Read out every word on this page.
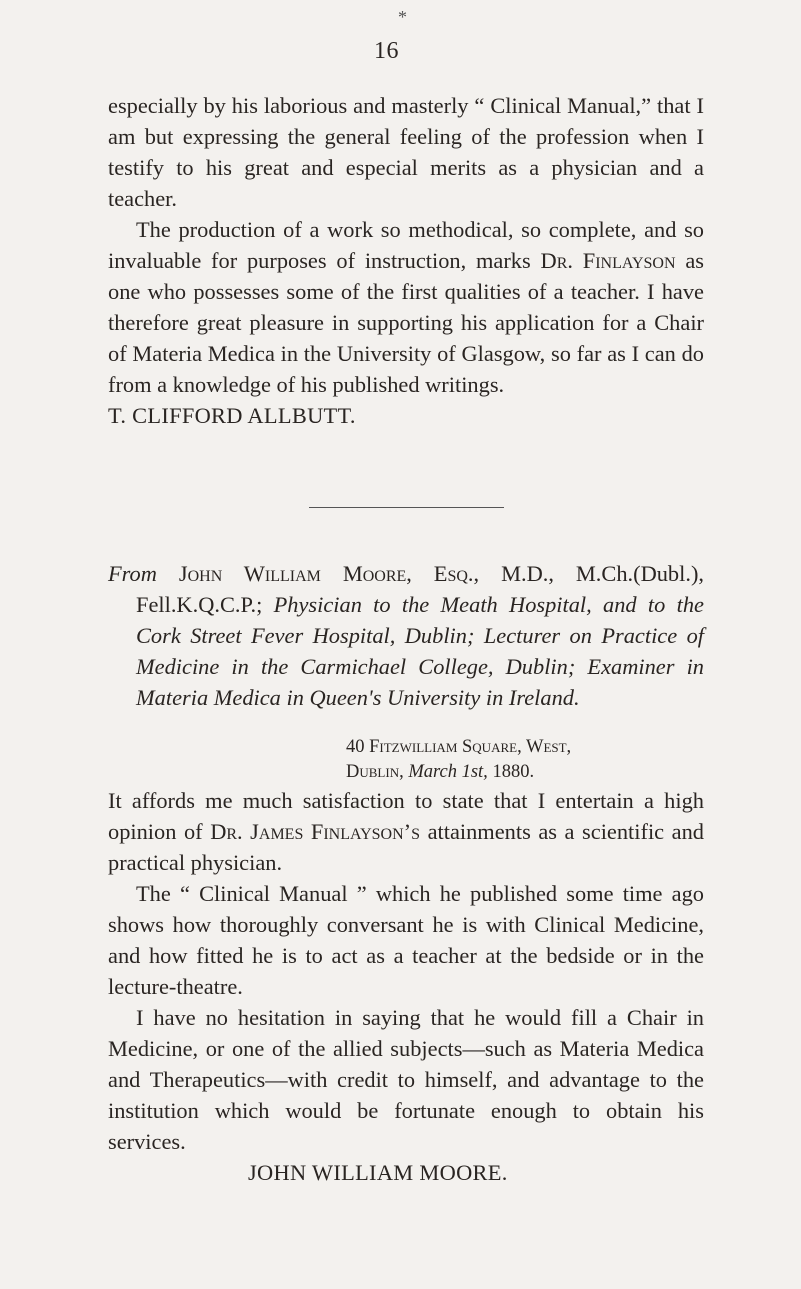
*
16

especially by his laborious and masterly “ Clinical Manual,” that I am but expressing the general feeling of the profession when I testify to his great and especial merits as a physician and a teacher.

The production of a work so methodical, so complete, and so invaluable for purposes of instruction, marks Dr. Finlayson as one who possesses some of the first qualities of a teacher. I have therefore great pleasure in supporting his application for a Chair of Materia Medica in the University of Glasgow, so far as I can do from a knowledge of his published writings.

T. CLIFFORD ALLBUTT.

From John William Moore, Esq., M.D., M.Ch.(Dubl.), Fell.K.Q.C.P.; Physician to the Meath Hospital, and to the Cork Street Fever Hospital, Dublin; Lecturer on Practice of Medicine in the Carmichael College, Dublin; Examiner in Materia Medica in Queen's University in Ireland.

40 Fitzwilliam Square, West,
Dublin, March 1st, 1880.

It affords me much satisfaction to state that I entertain a high opinion of Dr. James Finlayson’s attainments as a scientific and practical physician.

The “ Clinical Manual ” which he published some time ago shows how thoroughly conversant he is with Clinical Medicine, and how fitted he is to act as a teacher at the bedside or in the lecture-theatre.

I have no hesitation in saying that he would fill a Chair in Medicine, or one of the allied subjects—such as Materia Medica and Therapeutics—with credit to himself, and advantage to the institution which would be fortunate enough to obtain his services.

JOHN WILLIAM MOORE.
